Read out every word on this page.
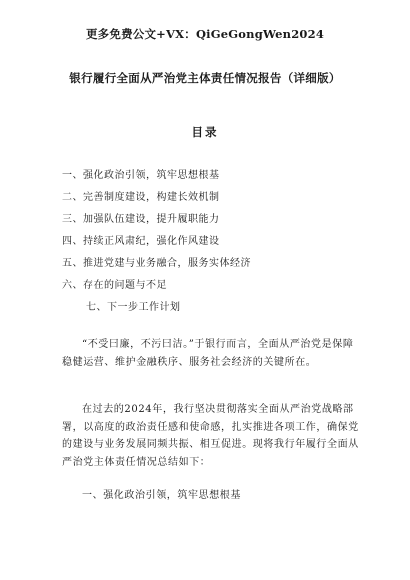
更多免费公文+VX：QiGeGongWen2024
银行履行全面从严治党主体责任情况报告（详细版）
目录
一、强化政治引领，筑牢思想根基
二、完善制度建设，构建长效机制
三、加强队伍建设，提升履职能力
四、持续正风肃纪，强化作风建设
五、推进党建与业务融合，服务实体经济
六、存在的问题与不足
七、下一步工作计划

“不受曰廉，不污曰洁。”于银行而言，全面从严治党是保障稳健运营、维护金融秩序、服务社会经济的关键所在。

在过去的2024年，我行坚决贯彻落实全面从严治党战略部署，以高度的政治责任感和使命感，扎实推进各项工作，确保党的建设与业务发展同频共振、相互促进。现将我行年履行全面从严治党主体责任情况总结如下：

一、强化政治引领，筑牢思想根基
